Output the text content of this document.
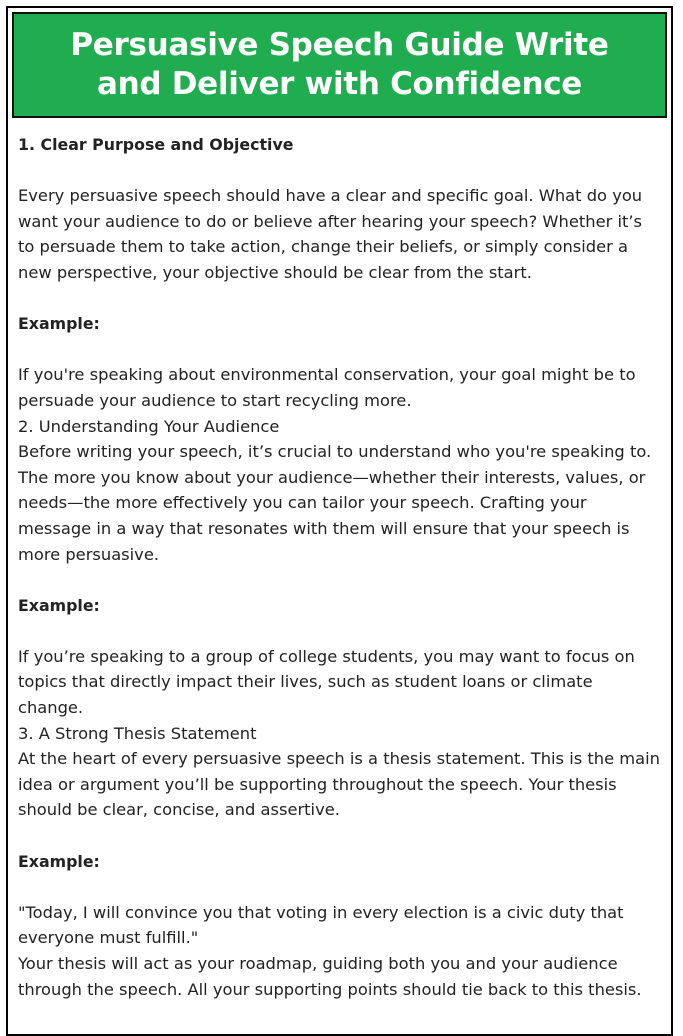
Persuasive Speech Guide Write
and Deliver with Confidence

1. Clear Purpose and Objective

Every persuasive speech should have a clear and specific goal. What do you want your audience to do or believe after hearing your speech? Whether it’s to persuade them to take action, change their beliefs, or simply consider a new perspective, your objective should be clear from the start.

Example:

If you're speaking about environmental conservation, your goal might be to persuade your audience to start recycling more.

2. Understanding Your Audience

Before writing your speech, it’s crucial to understand who you're speaking to. The more you know about your audience—whether their interests, values, or needs—the more effectively you can tailor your speech. Crafting your message in a way that resonates with them will ensure that your speech is more persuasive.

Example:

If you’re speaking to a group of college students, you may want to focus on topics that directly impact their lives, such as student loans or climate change.

3. A Strong Thesis Statement

At the heart of every persuasive speech is a thesis statement. This is the main idea or argument you’ll be supporting throughout the speech. Your thesis should be clear, concise, and assertive.

Example:

"Today, I will convince you that voting in every election is a civic duty that everyone must fulfill."

Your thesis will act as your roadmap, guiding both you and your audience through the speech. All your supporting points should tie back to this thesis.
